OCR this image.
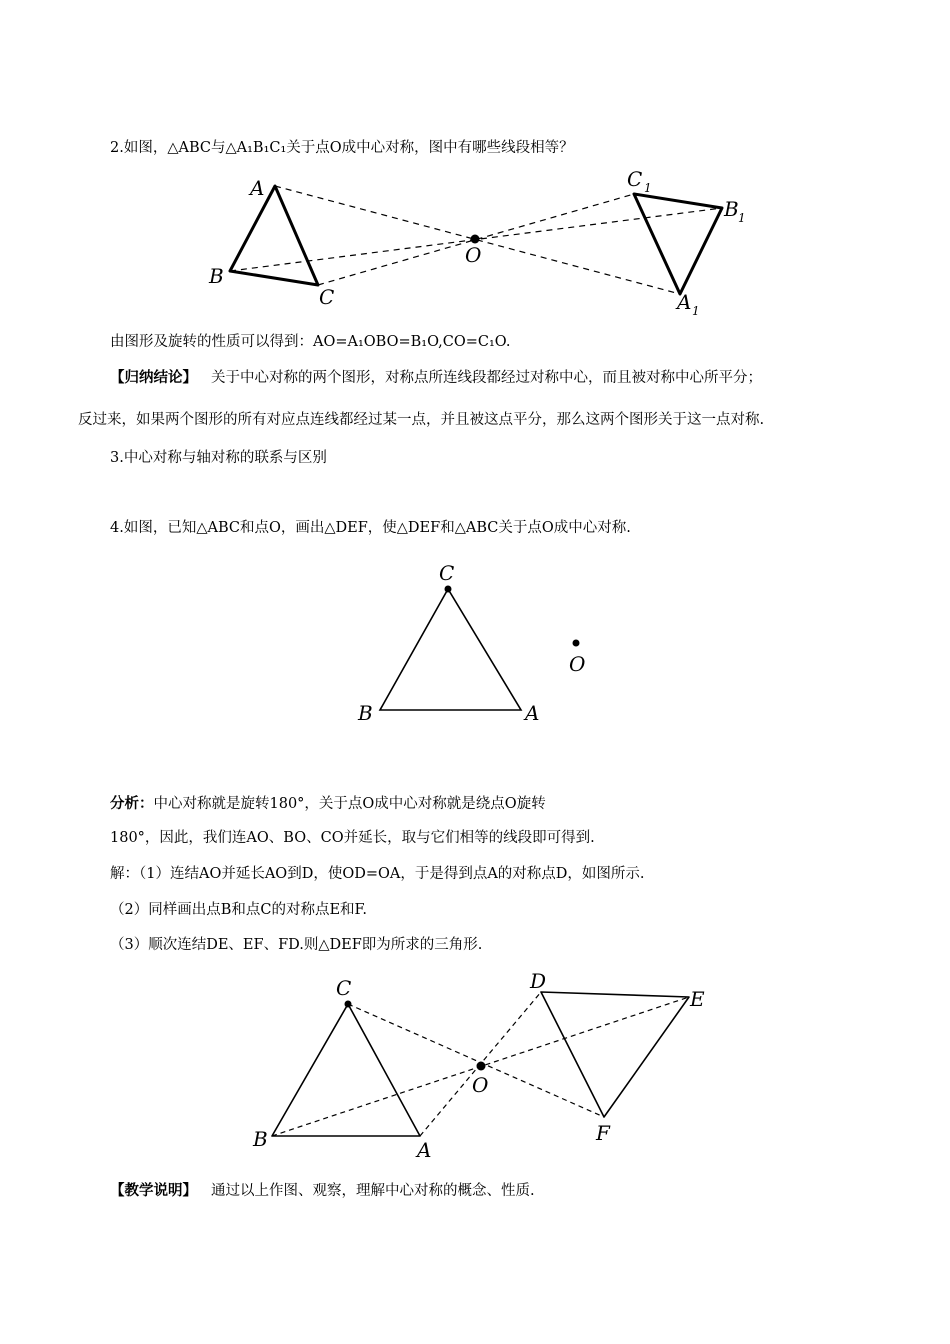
2.如图，△ABC与△A₁B₁C₁关于点O成中心对称，图中有哪些线段相等？
A
B
C
O
C 1
B 1
A 1
由图形及旋转的性质可以得到：AO=A₁OBO=B₁O,CO=C₁O.
【归纳结论】 关于中心对称的两个图形，对称点所连线段都经过对称中心，而且被对称中心所平分；
反过来，如果两个图形的所有对应点连线都经过某一点，并且被这点平分，那么这两个图形关于这一点对称.
3.中心对称与轴对称的联系与区别
4.如图，已知△ABC和点O，画出△DEF，使△DEF和△ABC关于点O成中心对称.
C
O
B	A
分析：中心对称就是旋转180°，关于点O成中心对称就是绕点O旋转
180°，因此，我们连AO、BO、CO并延长，取与它们相等的线段即可得到.
解：（1）连结AO并延长AO到D，使OD=OA，于是得到点A的对称点D，如图所示.
（2）同样画出点B和点C的对称点E和F.
（3）顺次连结DE、EF、FD.则△DEF即为所求的三角形.
C
B	A
O
D
E
F
【教学说明】 通过以上作图、观察，理解中心对称的概念、性质.
